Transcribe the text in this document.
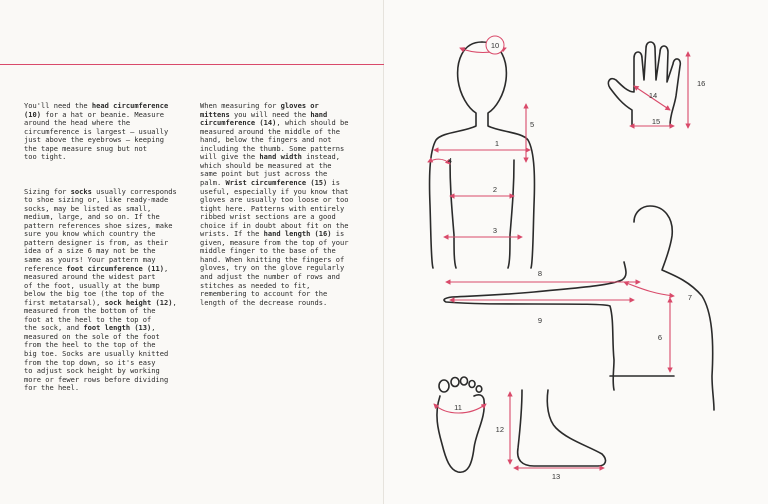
You'll need the head circumference
(10) for a hat or beanie. Measure
around the head where the
circumference is largest – usually
just above the eyebrows – keeping
the tape measure snug but not
too tight.

Sizing for socks usually corresponds
to shoe sizing or, like ready-made
socks, may be listed as small,
medium, large, and so on. If the
pattern references shoe sizes, make
sure you know which country the
pattern designer is from, as their
idea of a size 6 may not be the
same as yours! Your pattern may
reference foot circumference (11),
measured around the widest part
of the foot, usually at the bump
below the big toe (the top of the
first metatarsal), sock height (12),
measured from the bottom of the
foot at the heel to the top of
the sock, and foot length (13),
measured on the sole of the foot
from the heel to the top of the
big toe. Socks are usually knitted
from the top down, so it's easy
to adjust sock height by working
more or fewer rows before dividing
for the heel.

When measuring for gloves or
mittens you will need the hand
circumference (14), which should be
measured around the middle of the
hand, below the fingers and not
including the thumb. Some patterns
will give the hand width instead,
which should be measured at the
same point but just across the
palm. Wrist circumference (15) is
useful, especially if you know that
gloves are usually too loose or too
tight here. Patterns with entirely
ribbed wrist sections are a good
choice if in doubt about fit on the
wrists. If the hand length (16) is
given, measure from the top of your
middle finger to the base of the
hand. When knitting the fingers of
gloves, try on the glove regularly
and adjust the number of rows and
stitches as needed to fit,
remembering to account for the
length of the decrease rounds.

10
1
2
3
4
5
16
14
15
8
9
6
7
11
12
13
